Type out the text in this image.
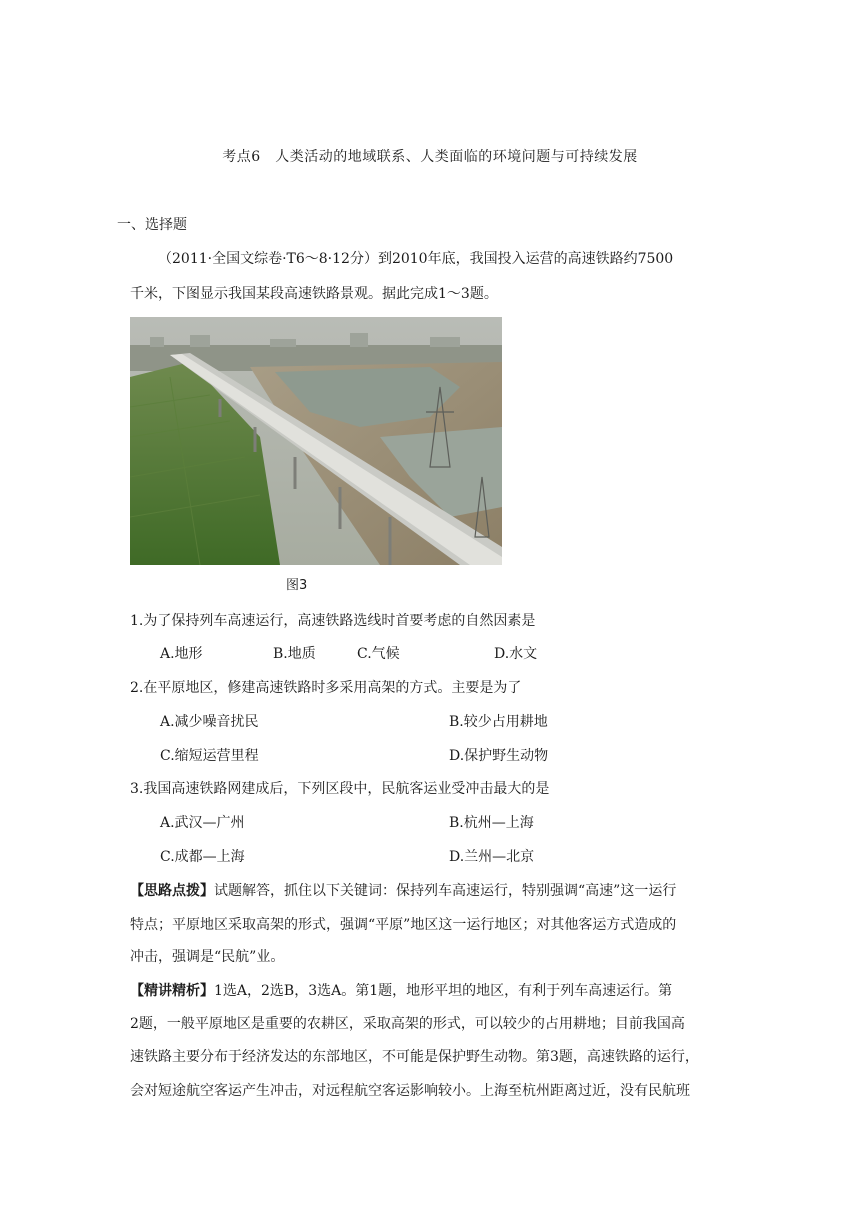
考点6　人类活动的地域联系、人类面临的环境问题与可持续发展
一、选择题
（2011·全国文综卷·T6～8·12分）到2010年底，我国投入运营的高速铁路约7500
千米，下图显示我国某段高速铁路景观。据此完成1～3题。
图3
1.为了保持列车高速运行，高速铁路选线时首要考虑的自然因素是
A.地形	B.地质	C.气候	D.水文
2.在平原地区，修建高速铁路时多采用高架的方式。主要是为了
A.减少噪音扰民	B.较少占用耕地
C.缩短运营里程	D.保护野生动物
3.我国高速铁路网建成后，下列区段中，民航客运业受冲击最大的是
A.武汉—广州	B.杭州—上海
C.成都—上海	D.兰州—北京
【思路点拨】试题解答，抓住以下关键词：保持列车高速运行，特别强调“高速”这一运行
特点；平原地区采取高架的形式，强调“平原”地区这一运行地区；对其他客运方式造成的
冲击，强调是“民航”业。
【精讲精析】1选A，2选B，3选A。第1题，地形平坦的地区，有利于列车高速运行。第
2题，一般平原地区是重要的农耕区，采取高架的形式，可以较少的占用耕地；目前我国高
速铁路主要分布于经济发达的东部地区，不可能是保护野生动物。第3题，高速铁路的运行，
会对短途航空客运产生冲击，对远程航空客运影响较小。上海至杭州距离过近，没有民航班
